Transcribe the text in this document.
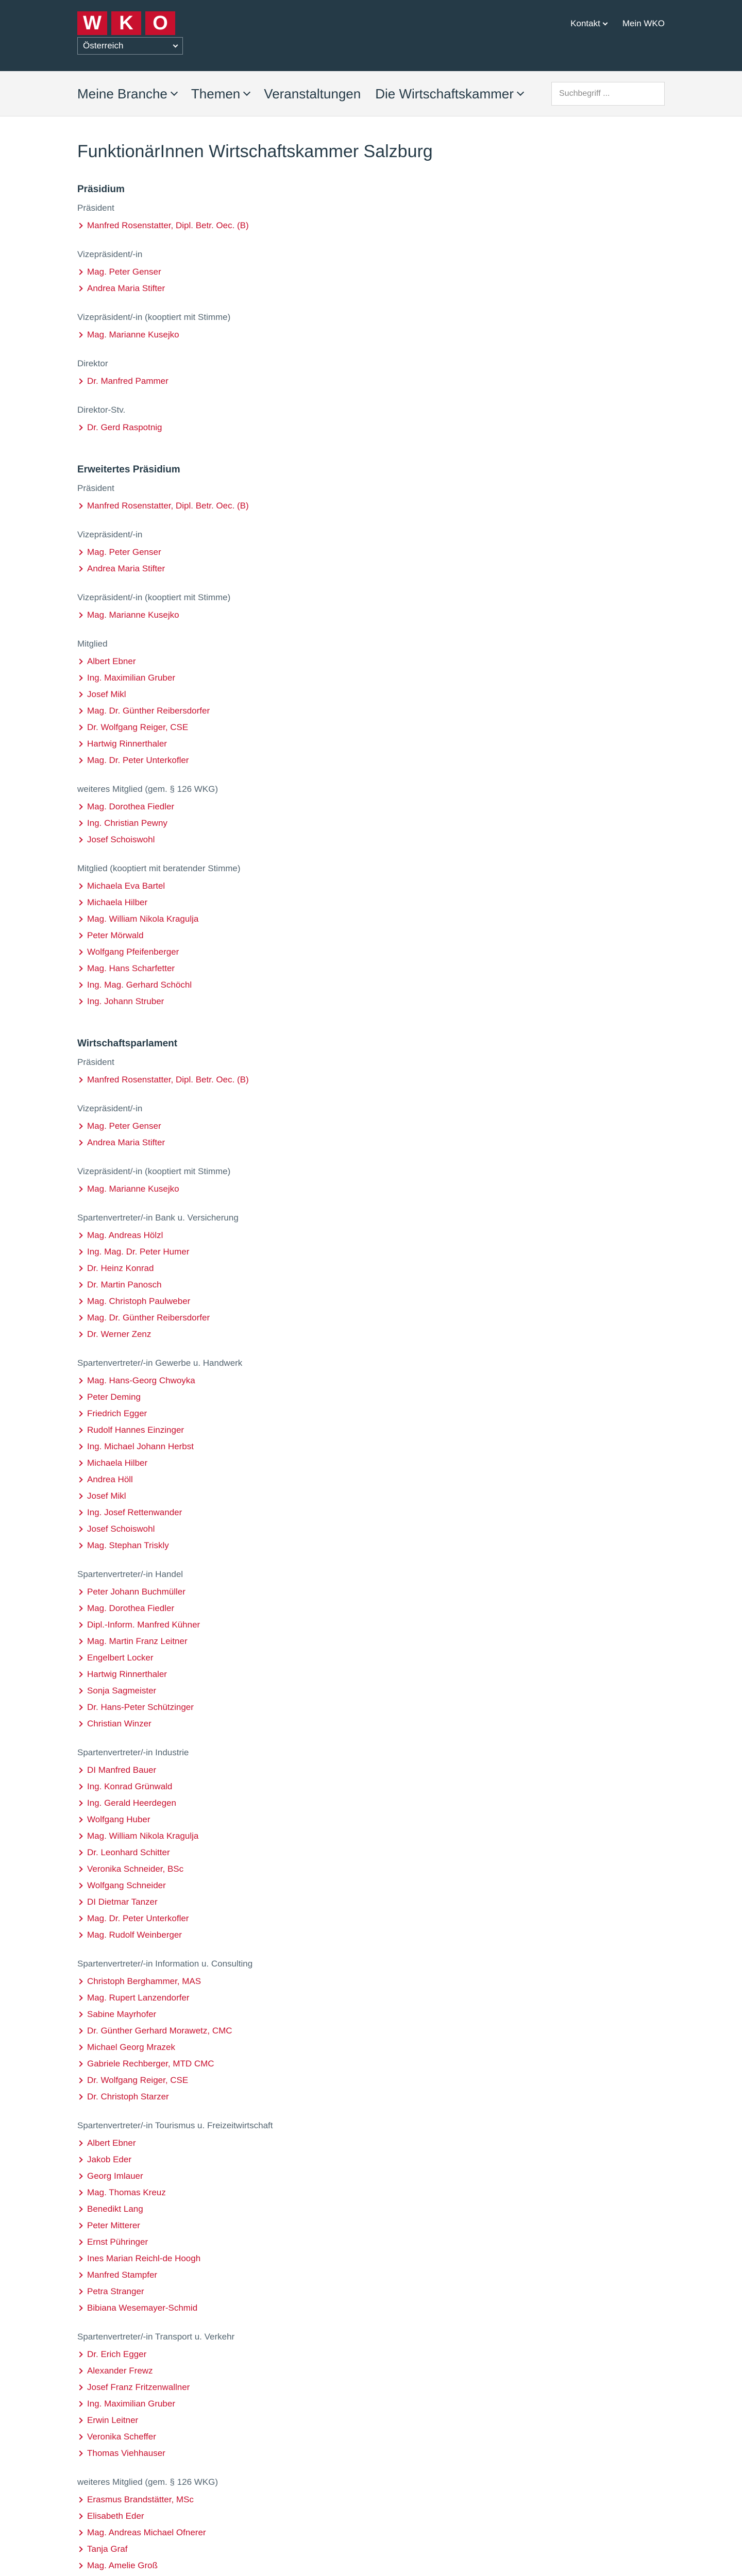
W K O
Österreich
Kontakt	Mein WKO
Meine Branche Themen Veranstaltungen Die Wirtschaftskammer
Suchbegriff ...
FunktionärInnen Wirtschaftskammer Salzburg
Präsidium
Präsident
Manfred Rosenstatter, Dipl. Betr. Oec. (B)
Vizepräsident/-in
Mag. Peter Genser
Andrea Maria Stifter
Vizepräsident/-in (kooptiert mit Stimme)
Mag. Marianne Kusejko
Direktor
Dr. Manfred Pammer
Direktor-Stv.
Dr. Gerd Raspotnig
Erweitertes Präsidium
Präsident
Manfred Rosenstatter, Dipl. Betr. Oec. (B)
Vizepräsident/-in
Mag. Peter Genser
Andrea Maria Stifter
Vizepräsident/-in (kooptiert mit Stimme)
Mag. Marianne Kusejko
Mitglied
Albert Ebner
Ing. Maximilian Gruber
Josef Mikl
Mag. Dr. Günther Reibersdorfer
Dr. Wolfgang Reiger, CSE
Hartwig Rinnerthaler
Mag. Dr. Peter Unterkofler
weiteres Mitglied (gem. § 126 WKG)
Mag. Dorothea Fiedler
Ing. Christian Pewny
Josef Schoiswohl
Mitglied (kooptiert mit beratender Stimme)
Michaela Eva Bartel
Michaela Hilber
Mag. William Nikola Kragulja
Peter Mörwald
Wolfgang Pfeifenberger
Mag. Hans Scharfetter
Ing. Mag. Gerhard Schöchl
Ing. Johann Struber
Wirtschaftsparlament
Präsident
Manfred Rosenstatter, Dipl. Betr. Oec. (B)
Vizepräsident/-in
Mag. Peter Genser
Andrea Maria Stifter
Vizepräsident/-in (kooptiert mit Stimme)
Mag. Marianne Kusejko
Spartenvertreter/-in Bank u. Versicherung
Mag. Andreas Hölzl
Ing. Mag. Dr. Peter Humer
Dr. Heinz Konrad
Dr. Martin Panosch
Mag. Christoph Paulweber
Mag. Dr. Günther Reibersdorfer
Dr. Werner Zenz
Spartenvertreter/-in Gewerbe u. Handwerk
Mag. Hans-Georg Chwoyka
Peter Deming
Friedrich Egger
Rudolf Hannes Einzinger
Ing. Michael Johann Herbst
Michaela Hilber
Andrea Höll
Josef Mikl
Ing. Josef Rettenwander
Josef Schoiswohl
Mag. Stephan Triskly
Spartenvertreter/-in Handel
Peter Johann Buchmüller
Mag. Dorothea Fiedler
Dipl.-Inform. Manfred Kühner
Mag. Martin Franz Leitner
Engelbert Locker
Hartwig Rinnerthaler
Sonja Sagmeister
Dr. Hans-Peter Schützinger
Christian Winzer
Spartenvertreter/-in Industrie
DI Manfred Bauer
Ing. Konrad Grünwald
Ing. Gerald Heerdegen
Wolfgang Huber
Mag. William Nikola Kragulja
Dr. Leonhard Schitter
Veronika Schneider, BSc
Wolfgang Schneider
DI Dietmar Tanzer
Mag. Dr. Peter Unterkofler
Mag. Rudolf Weinberger
Spartenvertreter/-in Information u. Consulting
Christoph Berghammer, MAS
Mag. Rupert Lanzendorfer
Sabine Mayrhofer
Dr. Günther Gerhard Morawetz, CMC
Michael Georg Mrazek
Gabriele Rechberger, MTD CMC
Dr. Wolfgang Reiger, CSE
Dr. Christoph Starzer
Spartenvertreter/-in Tourismus u. Freizeitwirtschaft
Albert Ebner
Jakob Eder
Georg Imlauer
Mag. Thomas Kreuz
Benedikt Lang
Peter Mitterer
Ernst Pühringer
Ines Marian Reichl-de Hoogh
Manfred Stampfer
Petra Stranger
Bibiana Wesemayer-Schmid
Spartenvertreter/-in Transport u. Verkehr
Dr. Erich Egger
Alexander Frewz
Josef Franz Fritzenwallner
Ing. Maximilian Gruber
Erwin Leitner
Veronika Scheffer
Thomas Viehhauser
weiteres Mitglied (gem. § 126 WKG)
Erasmus Brandstätter, MSc
Elisabeth Eder
Mag. Andreas Michael Ofnerer
Tanja Graf
Mag. Amelie Groß
